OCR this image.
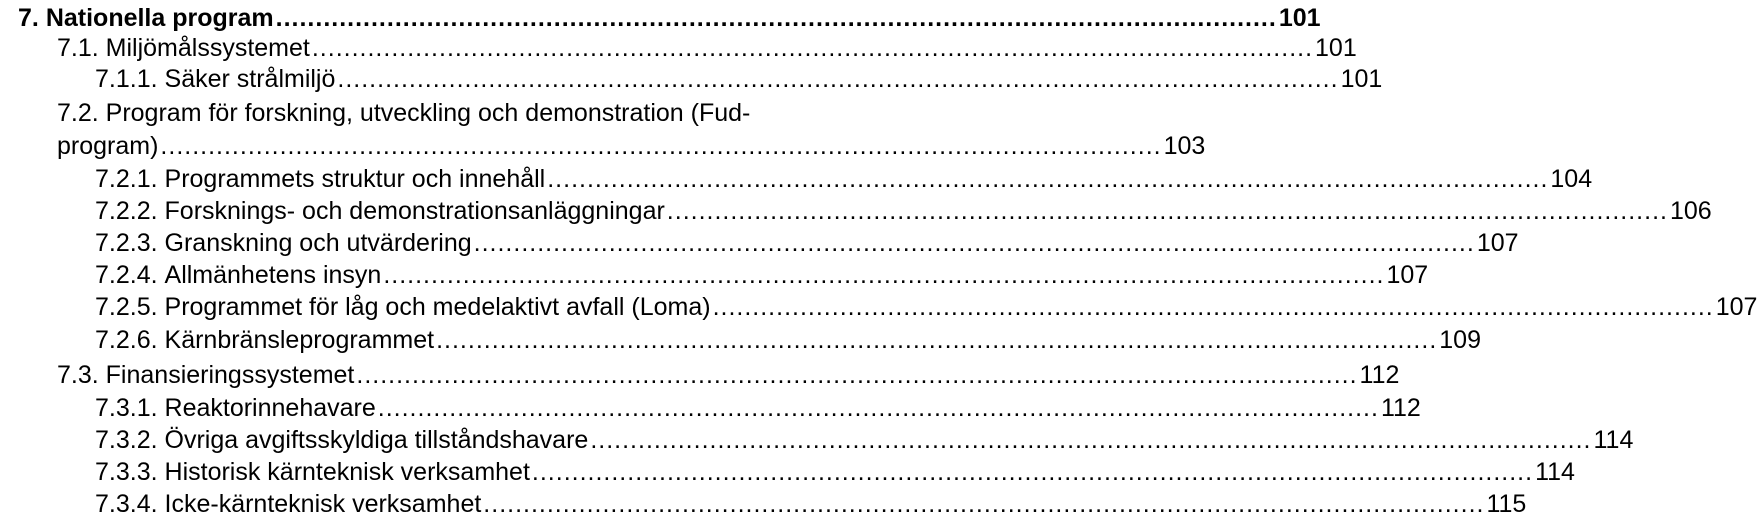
7.
Nationella program .............................................................................................................................. 101
7.1.
Miljömålssystemet .............................................................................................................................. 101
7.1.1.
Säker strålmiljö .............................................................................................................................. 101
7.2.
Program för forskning, utveckling och demonstration (Fud-
program) .............................................................................................................................. 103
7.2.1.
Programmets struktur och innehåll .............................................................................................................................. 104
7.2.2.
Forsknings- och demonstrationsanläggningar .............................................................................................................................. 106
7.2.3.
Granskning och utvärdering .............................................................................................................................. 107
7.2.4.
Allmänhetens insyn .............................................................................................................................. 107
7.2.5.
Programmet för låg och medelaktivt avfall (Loma) .............................................................................................................................. 107
7.2.6.
Kärnbränsleprogrammet .............................................................................................................................. 109
7.3.
Finansieringssystemet .............................................................................................................................. 112
7.3.1.
Reaktorinnehavare .............................................................................................................................. 112
7.3.2.
Övriga avgiftsskyldiga tillståndshavare .............................................................................................................................. 114
7.3.3.
Historisk kärnteknisk verksamhet .............................................................................................................................. 114
7.3.4.
Icke-kärnteknisk verksamhet .............................................................................................................................. 115
